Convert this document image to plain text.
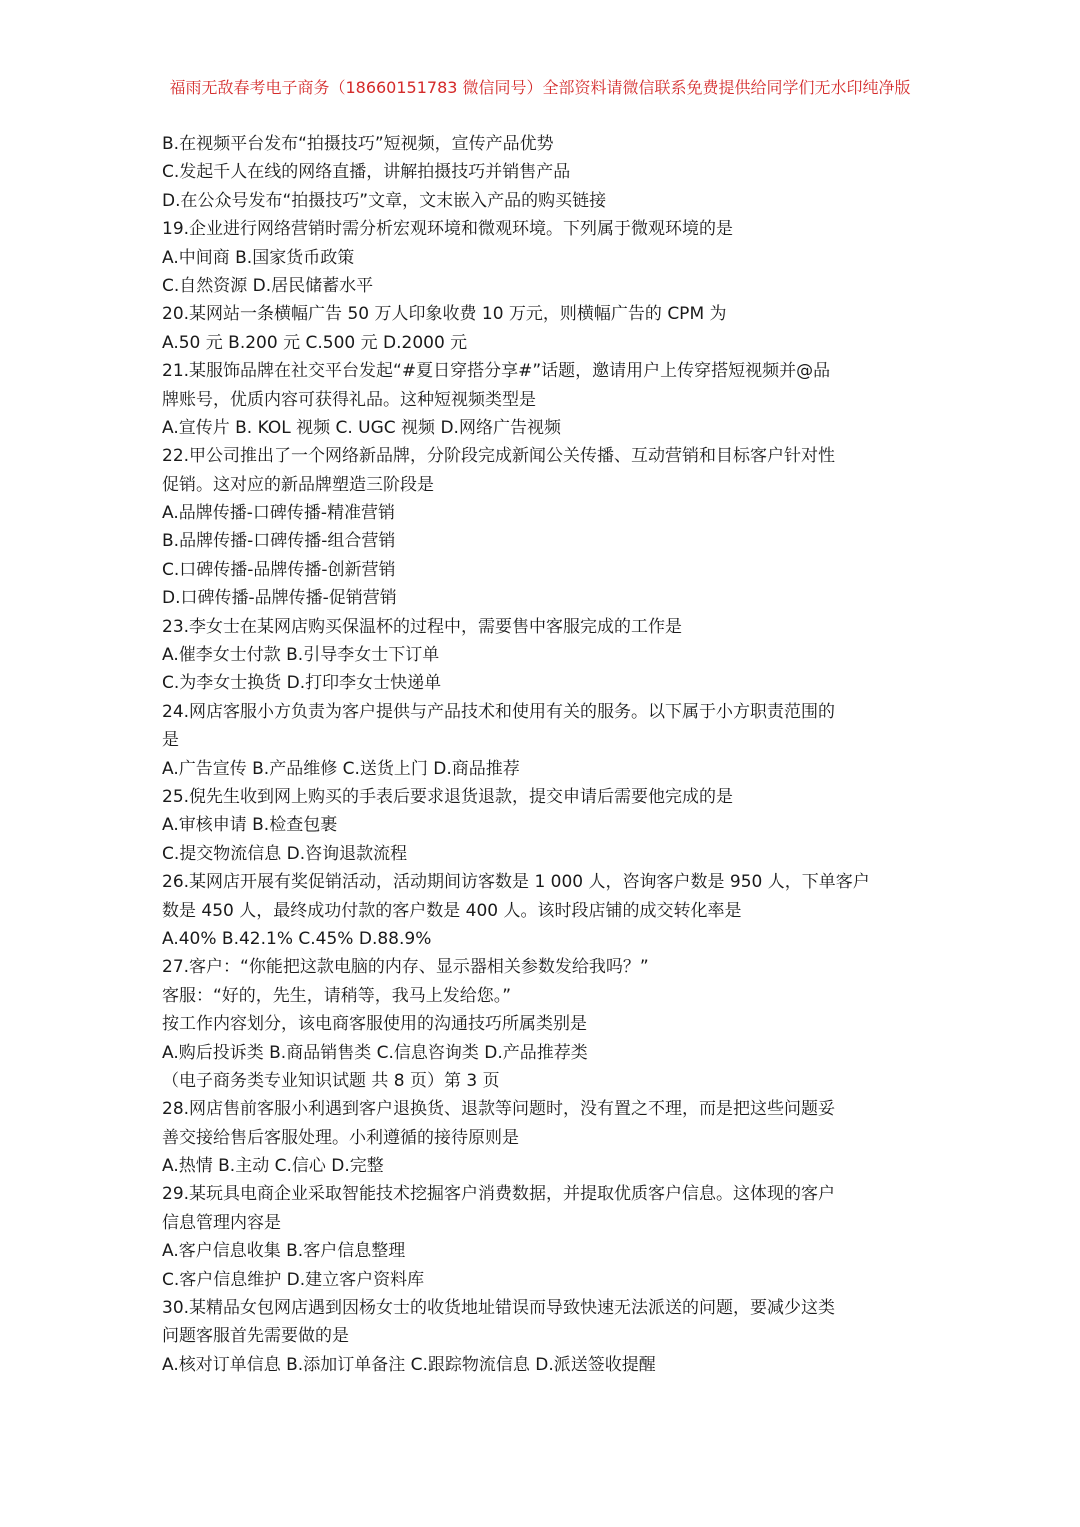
福雨无敌春考电子商务（18660151783 微信同号）全部资料请微信联系免费提供给同学们无水印纯净版
B.在视频平台发布“拍摄技巧”短视频，宣传产品优势
C.发起千人在线的网络直播，讲解拍摄技巧并销售产品
D.在公众号发布“拍摄技巧”文章，文末嵌入产品的购买链接
19.企业进行网络营销时需分析宏观环境和微观环境。下列属于微观环境的是
A.中间商 B.国家货币政策
C.自然资源 D.居民储蓄水平
20.某网站一条横幅广告 50 万人印象收费 10 万元，则横幅广告的 CPM 为
A.50 元 B.200 元 C.500 元 D.2000 元
21.某服饰品牌在社交平台发起“#夏日穿搭分享#”话题，邀请用户上传穿搭短视频并@品
牌账号，优质内容可获得礼品。这种短视频类型是
A.宣传片 B. KOL 视频 C. UGC 视频 D.网络广告视频
22.甲公司推出了一个网络新品牌，分阶段完成新闻公关传播、互动营销和目标客户针对性
促销。这对应的新品牌塑造三阶段是
A.品牌传播-口碑传播-精准营销
B.品牌传播-口碑传播-组合营销
C.口碑传播-品牌传播-创新营销
D.口碑传播-品牌传播-促销营销
23.李女士在某网店购买保温杯的过程中，需要售中客服完成的工作是
A.催李女士付款 B.引导李女士下订单
C.为李女士换货 D.打印李女士快递单
24.网店客服小方负责为客户提供与产品技术和使用有关的服务。以下属于小方职责范围的
是
A.广告宣传 B.产品维修 C.送货上门 D.商品推荐
25.倪先生收到网上购买的手表后要求退货退款，提交申请后需要他完成的是
A.审核申请 B.检查包裹
C.提交物流信息 D.咨询退款流程
26.某网店开展有奖促销活动，活动期间访客数是 1 000 人，咨询客户数是 950 人，下单客户
数是 450 人，最终成功付款的客户数是 400 人。该时段店铺的成交转化率是
A.40% B.42.1% C.45% D.88.9%
27.客户：“你能把这款电脑的内存、显示器相关参数发给我吗？”
客服：“好的，先生，请稍等，我马上发给您。”
按工作内容划分，该电商客服使用的沟通技巧所属类别是
A.购后投诉类 B.商品销售类 C.信息咨询类 D.产品推荐类
（电子商务类专业知识试题 共 8 页）第 3 页
28.网店售前客服小利遇到客户退换货、退款等问题时，没有置之不理，而是把这些问题妥
善交接给售后客服处理。小利遵循的接待原则是
A.热情 B.主动 C.信心 D.完整
29.某玩具电商企业采取智能技术挖掘客户消费数据，并提取优质客户信息。这体现的客户
信息管理内容是
A.客户信息收集 B.客户信息整理
C.客户信息维护 D.建立客户资料库
30.某精品女包网店遇到因杨女士的收货地址错误而导致快速无法派送的问题，要减少这类
问题客服首先需要做的是
A.核对订单信息 B.添加订单备注 C.跟踪物流信息 D.派送签收提醒
